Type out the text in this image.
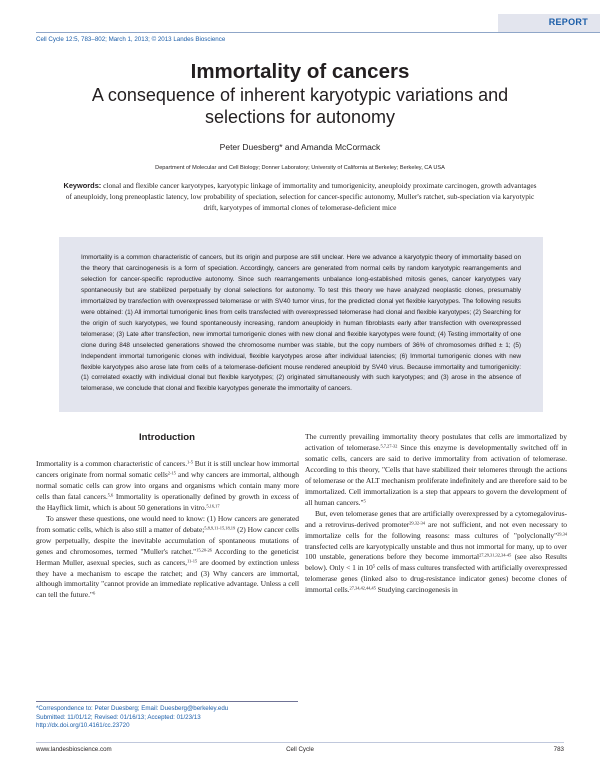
REPORT
Cell Cycle 12:5, 783–802; March 1, 2013; © 2013 Landes Bioscience
Immortality of cancers
A consequence of inherent karyotypic variations and selections for autonomy
Peter Duesberg* and Amanda McCormack
Department of Molecular and Cell Biology; Donner Laboratory; University of California at Berkeley; Berkeley, CA USA
Keywords: clonal and flexible cancer karyotypes, karyotypic linkage of immortality and tumorigenicity, aneuploidy proximate carcinogen, growth advantages of aneuploidy, long preneoplastic latency, low probability of speciation, selection for cancer-specific autonomy, Muller's ratchet, sub-speciation via karyotypic drift, karyotypes of immortal clones of telomerase-deficient mice

Immortality is a common characteristic of cancers, but its origin and purpose are still unclear. Here we advance a karyotypic theory of immortality based on the theory that carcinogenesis is a form of speciation. Accordingly, cancers are generated from normal cells by random karyotypic rearrangements and selection for cancer-specific reproductive autonomy. Since such rearrangements unbalance long-established mitosis genes, cancer karyotypes vary spontaneously but are stabilized perpetually by clonal selections for autonomy. To test this theory we have analyzed neoplastic clones, presumably immortalized by transfection with overexpressed telomerase or with SV40 tumor virus, for the predicted clonal yet flexible karyotypes. The following results were obtained: (1) All immortal tumorigenic lines from cells transfected with overexpressed telomerase had clonal and flexible karyotypes; (2) Searching for the origin of such karyotypes, we found spontaneously increasing, random aneuploidy in human fibroblasts early after transfection with overexpressed telomerase; (3) Late after transfection, new immortal tumorigenic clones with new clonal and flexible karyotypes were found; (4) Testing immortality of one clone during 848 unselected generations showed the chromosome number was stable, but the copy numbers of 36% of chromosomes drifted ± 1; (5) Independent immortal tumorigenic clones with individual, flexible karyotypes arose after individual latencies; (6) Immortal tumorigenic clones with new flexible karyotypes also arose late from cells of a telomerase-deficient mouse rendered aneuploid by SV40 virus. Because immortality and tumorigenicity: (1) correlated exactly with individual clonal but flexible karyotypes; (2) originated simultaneously with such karyotypes; and (3) arose in the absence of telomerase, we conclude that clonal and flexible karyotypes generate the immortality of cancers.

Introduction

Immortality is a common characteristic of cancers.$^{1-5}$ But it is still unclear how immortal cancers originate from normal somatic cells$^{2-15}$ and why cancers are immortal, although normal somatic cells can grow into organs and organisms which contain many more cells than fatal cancers.$^{5,6}$ Immortality is operationally defined by growth in excess of the Hayflick limit, which is about 50 generations in vitro.$^{5,16,17}$

To answer these questions, one would need to know: (1) How cancers are generated from somatic cells, which is also still a matter of debate;$^{5,8,9,11-15,18,19}$ (2) How cancer cells grow perpetually, despite the inevitable accumulation of spontaneous mutations of genes and chromosomes, termed "Muller's ratchet."$^{15,20-26}$ According to the geneticist Herman Muller, asexual species, such as cancers,$^{11-15}$ are doomed by extinction unless they have a mechanism to escape the ratchet; and (3) Why cancers are immortal, although immortality "cannot provide an immediate replicative advantage. Unless a cell can tell the future."$^6$

The currently prevailing immortality theory postulates that cells are immortalized by activation of telomerase.$^{5,7,27-32}$ Since this enzyme is developmentally switched off in somatic cells, cancers are said to derive immortality from activation of telomerase. According to this theory, "Cells that have stabilized their telomeres through the actions of telomerase or the ALT mechanism proliferate indefinitely and are therefore said to be immortalized. Cell immortalization is a step that appears to govern the development of all human cancers."$^5$

But, even telomerase genes that are artificially overexpressed by a cytomegalovirus- and a retrovirus-derived promoter$^{29,32-34}$ are not sufficient, and not even necessary to immortalize cells for the following reasons: mass cultures of "polyclonally"$^{29,34}$ transfected cells are karyotypically unstable and thus not immortal for many, up to over 100 unstable, generations before they become immortal$^{27,29,31,32,34-45}$ (see also Results below). Only < 1 in $10^5$ cells of mass cultures transfected with artificially overexpressed telomerase genes (linked also to drug-resistance indicator genes) become clones of immortal cells.$^{27,34,42,44,45}$ Studying carcinogenesis in

*Correspondence to: Peter Duesberg; Email: Duesberg@berkeley.edu
Submitted: 11/01/12; Revised: 01/16/13; Accepted: 01/23/13
http://dx.doi.org/10.4161/cc.23720
www.landesbioscience.com	Cell Cycle	783
